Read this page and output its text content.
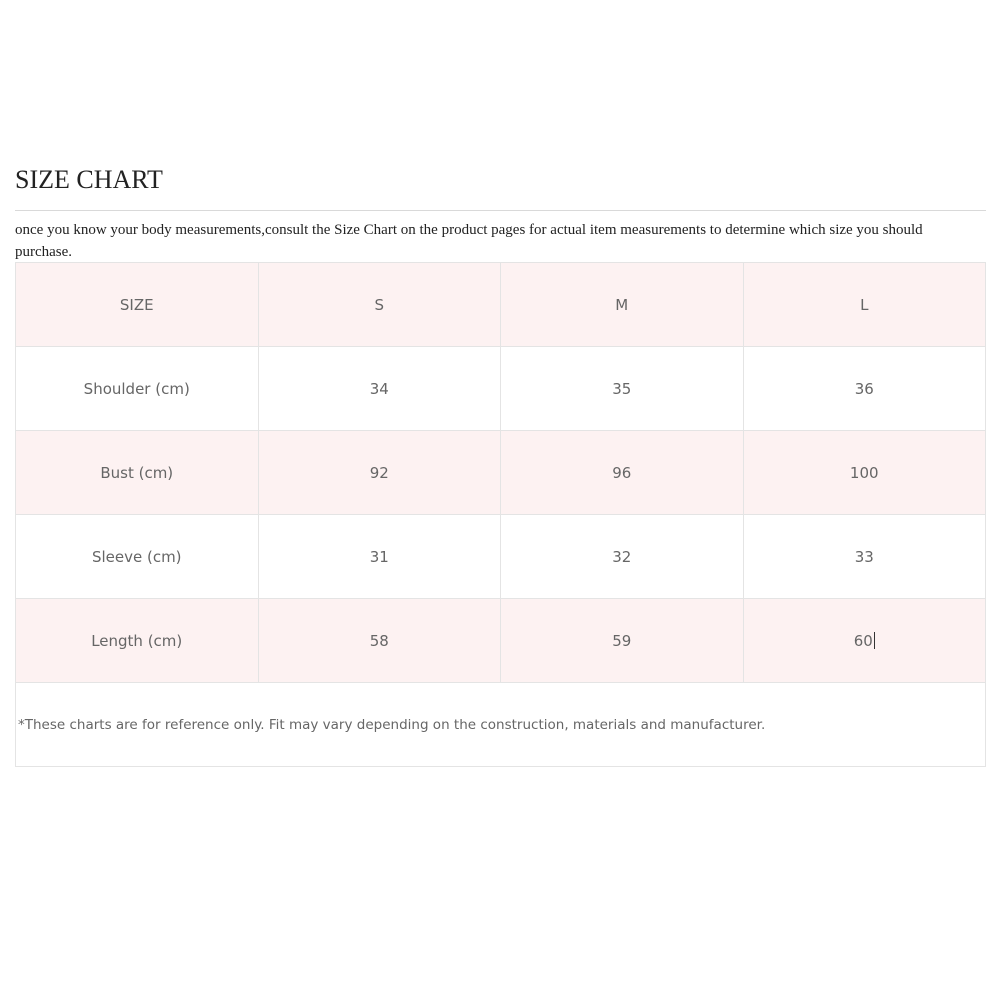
SIZE CHART

once you know your body measurements,consult the Size Chart on the product pages for actual item measurements to determine which size you should purchase.

SIZE	S	M	L
Shoulder (cm)	34	35	36
Bust (cm)	92	96	100
Sleeve (cm)	31	32	33
Length (cm)	58	59	60
*These charts are for reference only. Fit may vary depending on the construction, materials and manufacturer.			
